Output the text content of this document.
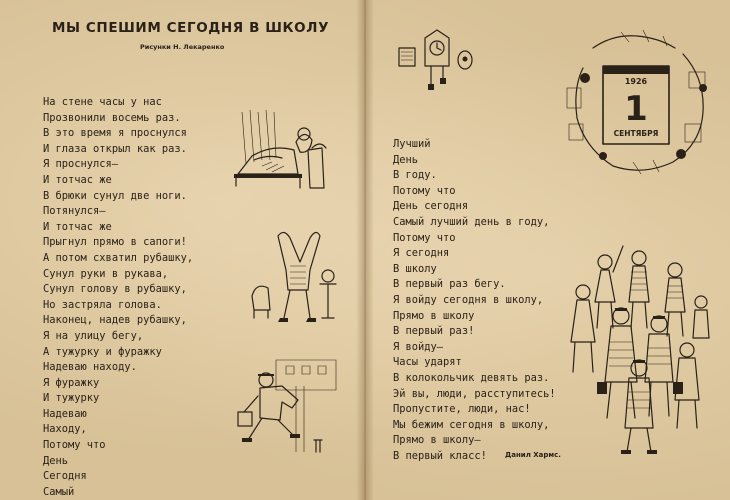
МЫ СПЕШИМ СЕГОДНЯ В ШКОЛУ
Рисунки Н. Лекаренко
На стене часы у нас
Прозвонили восемь раз.
В это время я проснулся
И глаза открыл как раз.
Я проснулся—
И тотчас же
В брюки сунул две ноги.
Потянулся—
И тотчас же
Прыгнул прямо в сапоги!
А потом схватил рубашку,
Сунул руки в рукава,
Сунул голову в рубашку,
Но застряла голова.
Наконец, надев рубашку,
Я на улицу бегу,
А тужурку и фуражку
Надеваю находу.
Я фуражку
И тужурку
Надеваю
Находу,
Потому что
День
Сегодня
Самый
1926
1
СЕНТЯБРЯ
Лучший
День
В году.
Потому что
День сегодня
Самый лучший день в году,
Потому что
Я сегодня
В школу
В первый раз бегу.
Я войду сегодня в школу,
Прямо в школу
В первый раз!
Я войду—
Часы ударят
В колокольчик девять раз.
Эй вы, люди, расступитесь!
Пропустите, люди, нас!
Мы бежим сегодня в школу,
Прямо в школу—
В первый класс!	Данил Хармс.
